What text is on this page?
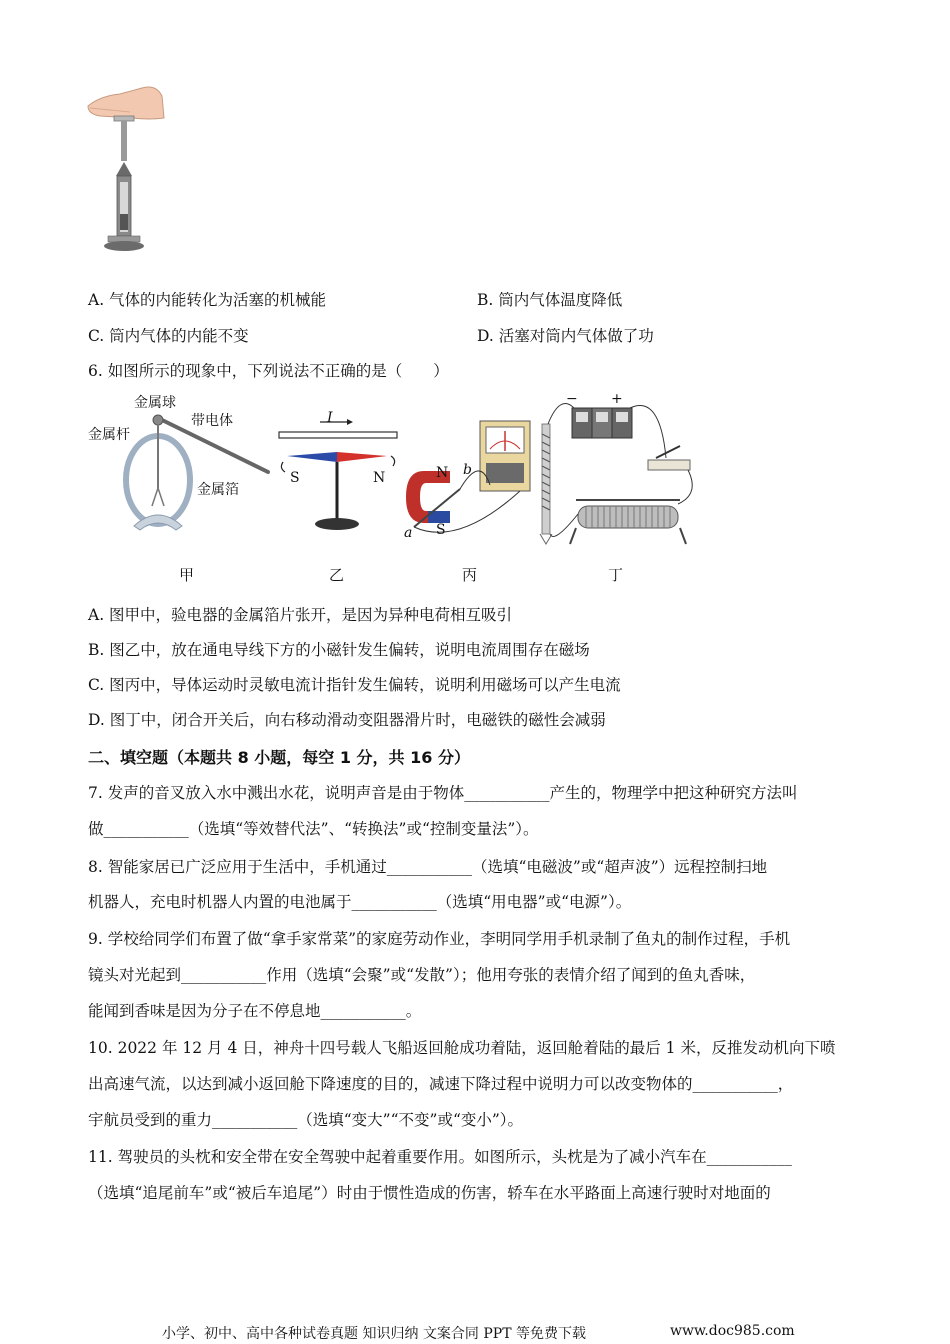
A. 气体的内能转化为活塞的机械能	B. 筒内气体温度降低
C. 筒内气体的内能不变	D. 活塞对筒内气体做了功
6. 如图所示的现象中，下列说法不正确的是（　　）
金属球
带电体
金属杆
金属箔
甲
I
S	N
乙
N
S
a
b
丙
− +
丁
A. 图甲中，验电器的金属箔片张开，是因为异种电荷相互吸引
B. 图乙中，放在通电导线下方的小磁针发生偏转，说明电流周围存在磁场
C. 图丙中，导体运动时灵敏电流计指针发生偏转，说明利用磁场可以产生电流
D. 图丁中，闭合开关后，向右移动滑动变阻器滑片时，电磁铁的磁性会减弱
二、填空题（本题共 8 小题，每空 1 分，共 16 分）
7. 发声的音叉放入水中溅出水花，说明声音是由于物体___________产生的，物理学中把这种研究方法叫
做___________（选填“等效替代法”、“转换法”或“控制变量法”）。
8. 智能家居已广泛应用于生活中，手机通过___________（选填“电磁波”或“超声波”）远程控制扫地
机器人，充电时机器人内置的电池属于___________（选填“用电器”或“电源”）。
9. 学校给同学们布置了做“拿手家常菜”的家庭劳动作业，李明同学用手机录制了鱼丸的制作过程，手机
镜头对光起到___________作用（选填“会聚”或“发散”）；他用夸张的表情介绍了闻到的鱼丸香味，
能闻到香味是因为分子在不停息地___________。
10. 2022 年 12 月 4 日，神舟十四号载人飞船返回舱成功着陆，返回舱着陆的最后 1 米，反推发动机向下喷
出高速气流，以达到减小返回舱下降速度的目的，减速下降过程中说明力可以改变物体的___________，
宇航员受到的重力___________（选填“变大”“不变”或“变小”）。
11. 驾驶员的头枕和安全带在安全驾驶中起着重要作用。如图所示，头枕是为了减小汽车在___________
（选填“追尾前车”或“被后车追尾”）时由于惯性造成的伤害，轿车在水平路面上高速行驶时对地面的
小学、初中、高中各种试卷真题 知识归纳 文案合同 PPT 等免费下载	www.doc985.com
